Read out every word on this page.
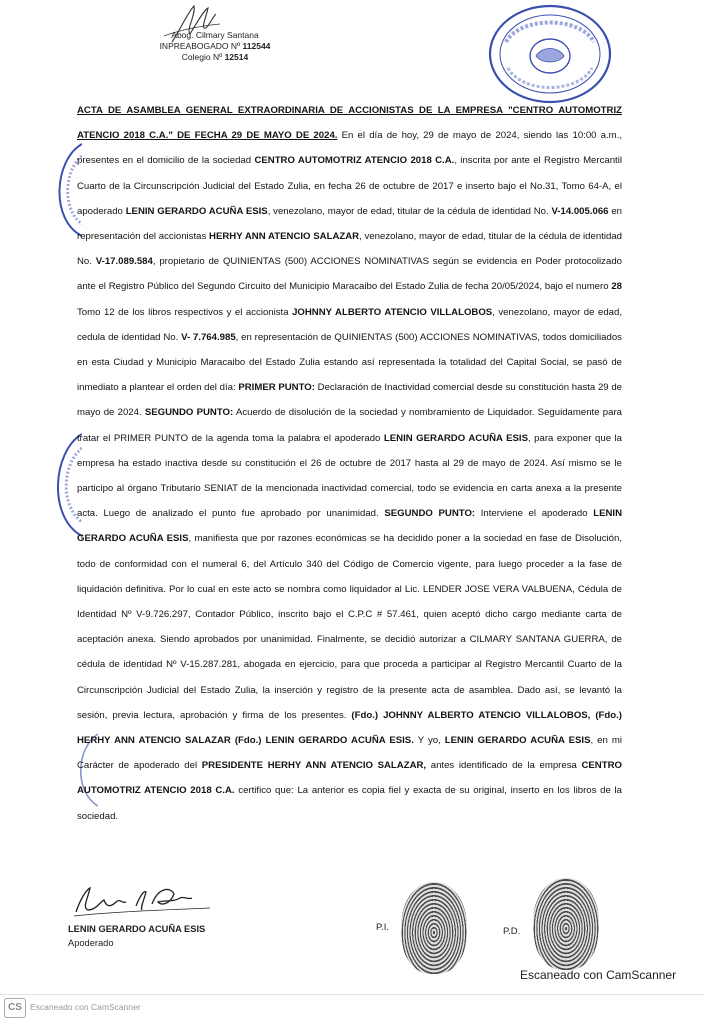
Abog. Cilmary Santana
INPREABOGADO Nº 112544
Colegio Nº 12514

ACTA DE ASAMBLEA GENERAL EXTRAORDINARIA DE ACCIONISTAS DE LA EMPRESA "CENTRO AUTOMOTRIZ ATENCIO 2018 C.A." DE FECHA 29 DE MAYO DE 2024. En el día de hoy, 29 de mayo de 2024, siendo las 10:00 a.m., presentes en el domicilio de la sociedad CENTRO AUTOMOTRIZ ATENCIO 2018 C.A., inscrita por ante el Registro Mercantil Cuarto de la Circunscripción Judicial del Estado Zulia, en fecha 26 de octubre de 2017 e inserto bajo el No.31, Tomo 64-A, el apoderado LENIN GERARDO ACUÑA ESIS, venezolano, mayor de edad, titular de la cédula de identidad No. V-14.005.066 en representación del accionistas HERHY ANN ATENCIO SALAZAR, venezolano, mayor de edad, titular de la cédula de identidad No. V-17.089.584, propietario de QUINIENTAS (500) ACCIONES NOMINATIVAS según se evidencia en Poder protocolizado ante el Registro Público del Segundo Circuito del Municipio Maracaibo del Estado Zulia de fecha 20/05/2024, bajo el numero 28 Tomo 12 de los libros respectivos y el accionista JOHNNY ALBERTO ATENCIO VILLALOBOS, venezolano, mayor de edad, cedula de identidad No. V- 7.764.985, en representación de QUINIENTAS (500) ACCIONES NOMINATIVAS, todos domiciliados en esta Ciudad y Municipio Maracaibo del Estado Zulia estando así representada la totalidad del Capital Social, se pasó de inmediato a plantear el orden del día: PRIMER PUNTO: Declaración de Inactividad comercial desde su constitución hasta 29 de mayo de 2024. SEGUNDO PUNTO: Acuerdo de disolución de la sociedad y nombramiento de Liquidador. Seguidamente para tratar el PRIMER PUNTO de la agenda toma la palabra el apoderado LENIN GERARDO ACUÑA ESIS, para exponer que la empresa ha estado inactiva desde su constitución el 26 de octubre de 2017 hasta al 29 de mayo de 2024. Así mismo se le participo al órgano Tributario SENIAT de la mencionada inactividad comercial, todo se evidencia en carta anexa a la presente acta. Luego de analizado el punto fue aprobado por unanimidad. SEGUNDO PUNTO: Interviene el apoderado LENIN GERARDO ACUÑA ESIS, manifiesta que por razones económicas se ha decidido poner a la sociedad en fase de Disolución, todo de conformidad con el numeral 6, del Artículo 340 del Código de Comercio vigente, para luego proceder a la fase de liquidación definitiva. Por lo cual en este acto se nombra como liquidador al Lic. LENDER JOSE VERA VALBUENA, Cédula de Identidad Nº V-9.726.297, Contador Público, inscrito bajo el C.P.C # 57.461, quien aceptó dicho cargo mediante carta de aceptación anexa. Siendo aprobados por unanimidad. Finalmente, se decidió autorizar a CILMARY SANTANA GUERRA, de cédula de identidad Nº V-15.287.281, abogada en ejercicio, para que proceda a participar al Registro Mercantil Cuarto de la Circunscripción Judicial del Estado Zulia, la inserción y registro de la presente acta de asamblea. Dado así, se levantó la sesión, previa lectura, aprobación y firma de los presentes. (Fdo.) JOHNNY ALBERTO ATENCIO VILLALOBOS, (Fdo.) HERHY ANN ATENCIO SALAZAR (Fdo.) LENIN GERARDO ACUÑA ESIS. Y yo, LENIN GERARDO ACUÑA ESIS, en mi Carácter de apoderado del PRESIDENTE HERHY ANN ATENCIO SALAZAR, antes identificado de la empresa CENTRO AUTOMOTRIZ ATENCIO 2018 C.A. certifico que: La anterior es copia fiel y exacta de su original, inserto en los libros de la sociedad.

LENIN GERARDO ACUÑA ESIS
Apoderado
P.I.	P.D.
Escaneado con CamScanner
CS Escaneado con CamScanner
